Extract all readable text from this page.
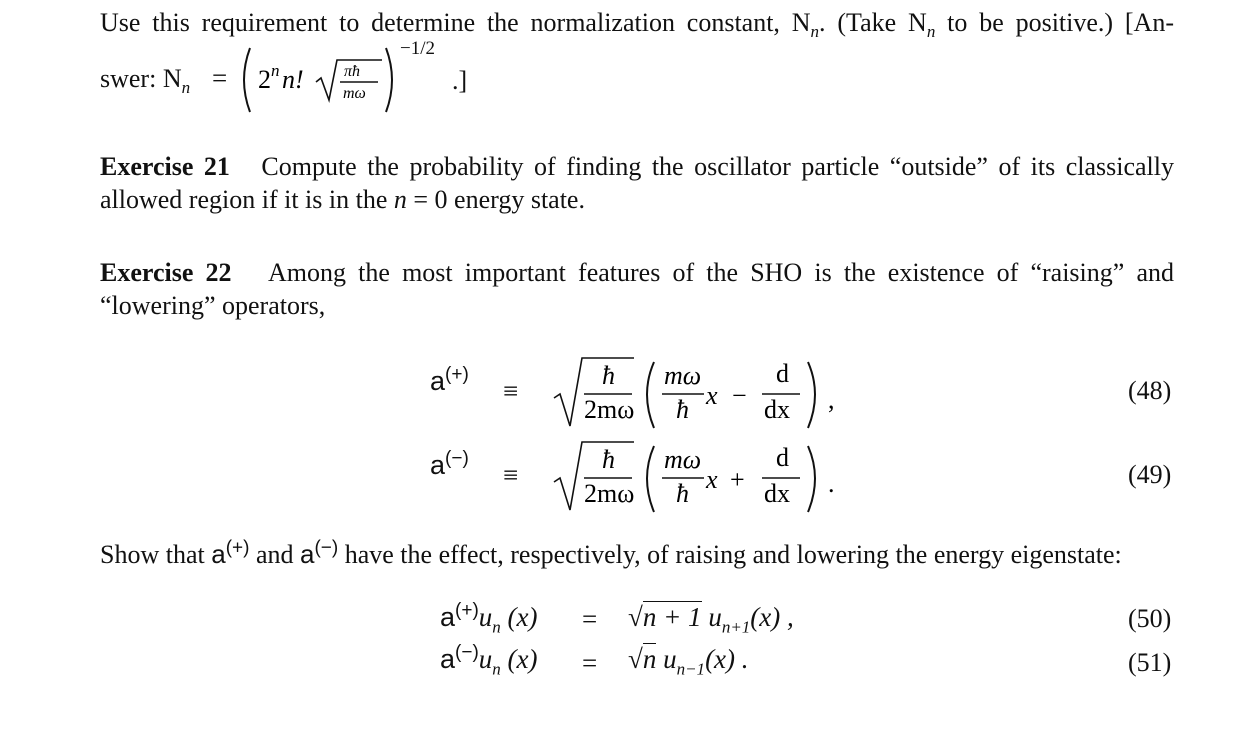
Use this requirement to determine the normalization constant, $N_n$. (Take $N_n$ to be positive.) [An-
swer: $N_n$ =
−1/2
2 n n!	πħ
mω	.]
Exercise 21 Compute the probability of finding the oscillator particle “outside” of its classically
allowed region if it is in the n = 0 energy state.
Exercise 22 Among the most important features of the SHO is the existence of “raising” and
“lowering” operators,
a(+)
≡
ħ
2mω
mω
ħ x −
d
dx ,	(48)
a(−)
≡
ħ
2mω
mω
ħ x +
d
dx .	(49)
Show that a(+) and a(−) have the effect, respectively, of raising and lowering the energy eigenstate:
$a^{(+)}u_n$ (x) = √n + 1 $u_{n+1}(x)$ ,	(50)
$a^{(-)}u_n$ (x) = √n $u_{n-1}(x)$ .	(51)
